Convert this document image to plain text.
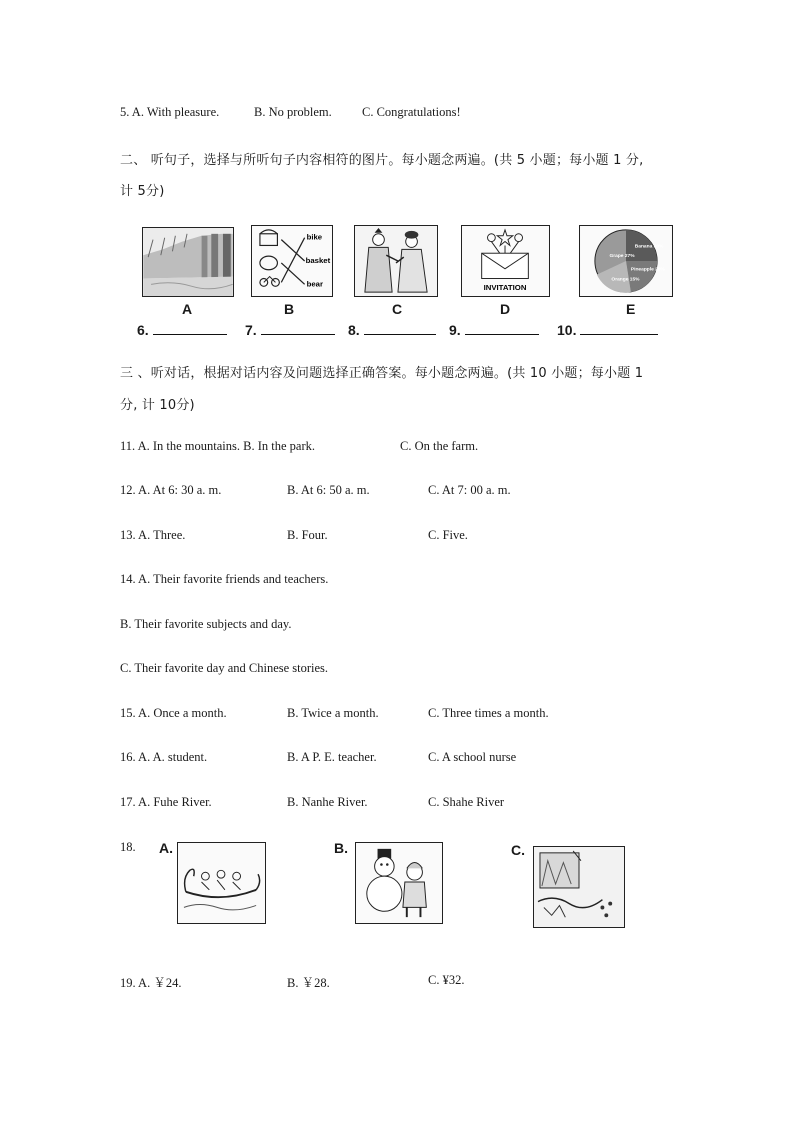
5. A. With pleasure.	B. No problem. C. Congratulations!
二、 听句子，选择与所听句子内容相符的图片。每小题念两遍。(共 5 小题；每小题 1 分,
计 5分)
bike
basket
bear	INVITATION
Grape 27%
Orange 15%
Banana 30%
Pineapple 28%
A	B	C	D	E
6.	7.	8.	9.	10.
三 、听对话，根据对话内容及问题选择正确答案。每小题念两遍。(共 10 小题；每小题 1
分, 计 10分)
11. A. In the mountains. B. In the park.	C. On the farm.
12. A. At 6: 30 a. m.	B. At 6: 50 a. m.	C. At 7: 00 a. m.
13. A. Three.	B. Four.	C. Five.
14. A. Their favorite friends and teachers.
B. Their favorite subjects and day.
C. Their favorite day and Chinese stories.
15. A. Once a month.	B. Twice a month.	C. Three times a month.
16. A. A. student.	B. A P. E. teacher.	C. A school nurse
17. A. Fuhe River.	B. Nanhe River.	C. Shahe River
18. A.	B.	C.
19. A. ￥24.	B. ￥28.	C. ¥32.
